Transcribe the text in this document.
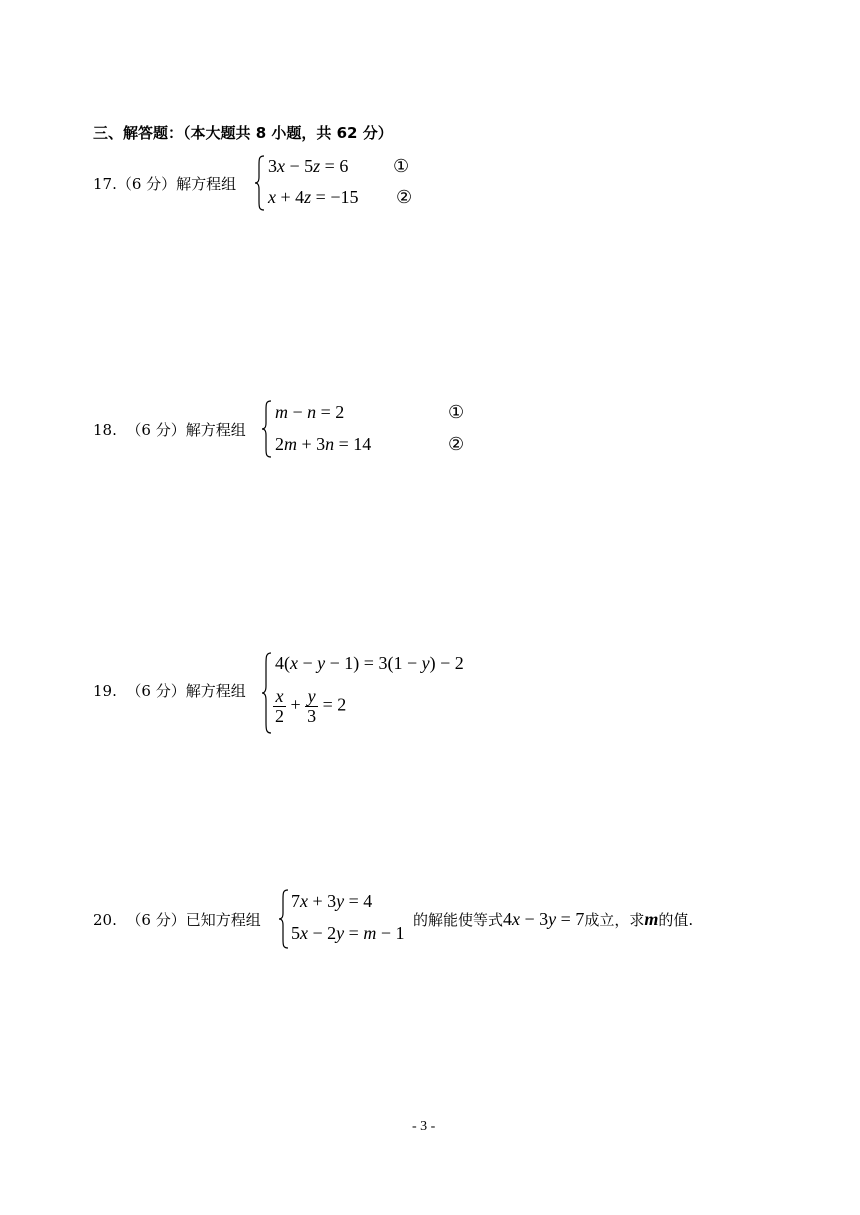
三、解答题：（本大题共 8 小题，共 62 分）
17.（6 分）解方程组
3x − 5z = 6 ①
x + 4z = −15 ②
18. （6 分）解方程组
m − n = 2	①
2m + 3n = 14	②
19. （6 分）解方程组
4(x − y − 1) = 3(1 − y) − 2
$\frac{x}{2} + \frac{y}{3} = 2$
20. （6 分）已知方程组
7x + 3y = 4
5x − 2y = m − 1
的解能使等式4x − 3y = 7成立，求m的值.
- 3 -
